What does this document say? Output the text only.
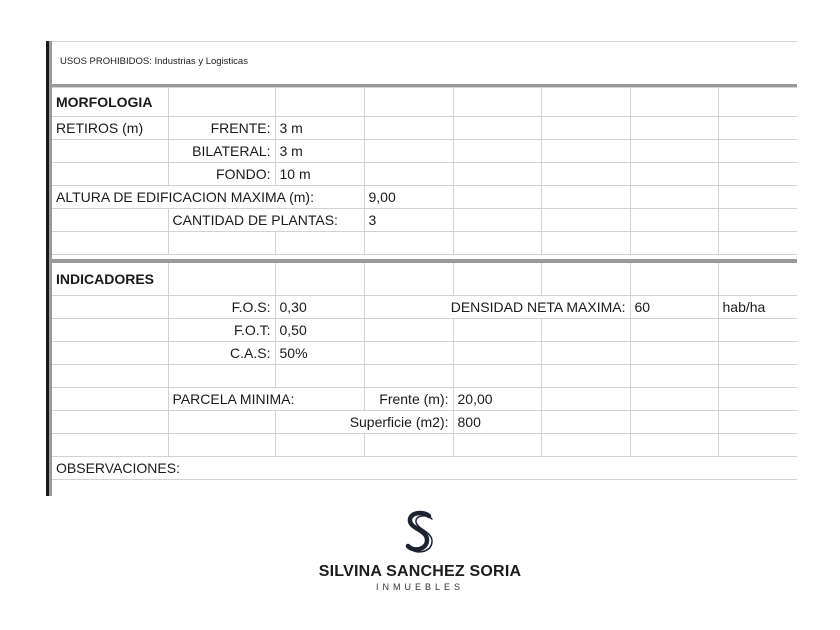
USOS PROHIBIDOS: Industrias y Logisticas
MORFOLOGIA							
RETIROS (m)	FRENTE:	3 m					
	BILATERAL:	3 m					
	FONDO:	10 m					
ALTURA DE EDIFICACION MAXIMA (m):			9,00				
	CANTIDAD DE PLANTAS:		3				

INDICADORES							
	F.O.S:	0,30	DENSIDAD NETA MAXIMA:			60	hab/ha
	F.O.T:	0,50					
	C.A.S:	50%					

	PARCELA MINIMA:		Frente (m):	20,00			
		Superficie (m2):		800			

OBSERVACIONES:							

SILVINA SANCHEZ SORIA
INMUEBLES
